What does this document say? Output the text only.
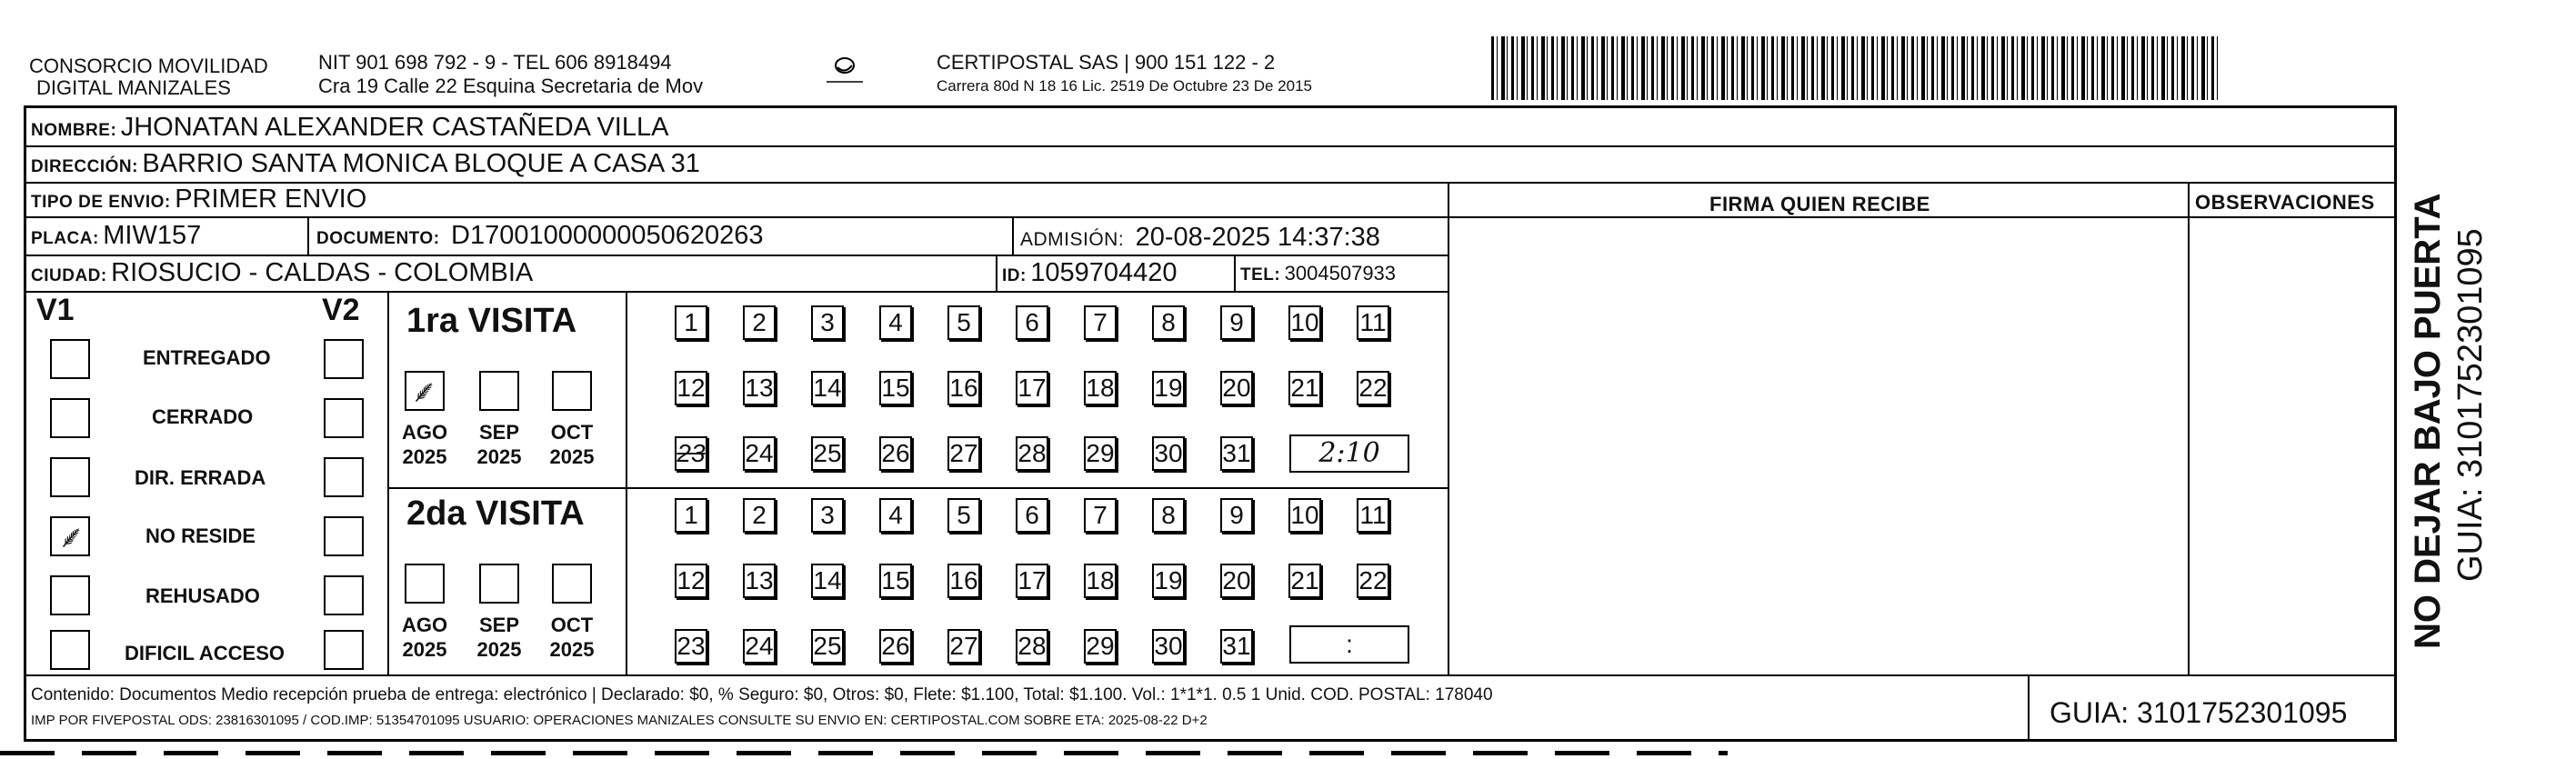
CONSORCIO MOVILIDAD
DIGITAL MANIZALES
NIT 901 698 792 - 9 - TEL 606 8918494
Cra 19 Calle 22 Esquina Secretaria de Mov
CERTIPOSTAL SAS | 900 151 122 - 2
Carrera 80d N 18 16 Lic. 2519 De Octubre 23 De 2015
NOMBRE: JHONATAN ALEXANDER CASTAÑEDA VILLA
DIRECCIÓN: BARRIO SANTA MONICA BLOQUE A CASA 31
TIPO DE ENVIO: PRIMER ENVIO	FIRMA QUIEN RECIBE	OBSERVACIONES
PLACA: MIW157	DOCUMENTO: D17001000000050620263	ADMISIÓN: 20-08-2025 14:37:38
CIUDAD: RIOSUCIO - CALDAS - COLOMBIA	ID: 1059704420	TEL: 3004507933
V1	V2
⸙
ENTREGADO
CERRADO
DIR. ERRADA
NO RESIDE
REHUSADO
DIFICIL ACCESO
1ra VISITA
⸙
AGO
2025
SEP
2025
OCT
2025
2da VISITA
AGO
2025
SEP
2025
OCT
2025
2:10
:
Contenido: Documentos Medio recepción prueba de entrega: electrónico | Declarado: $0, % Seguro: $0, Otros: $0, Flete: $1.100, Total: $1.100. Vol.: 1*1*1. 0.5 1 Unid. COD. POSTAL: 178040
IMP POR FIVEPOSTAL ODS: 23816301095 / COD.IMP: 51354701095 USUARIO: OPERACIONES MANIZALES CONSULTE SU ENVIO EN: CERTIPOSTAL.COM SOBRE ETA: 2025-08-22 D+2	GUIA: 3101752301095
NO DEJAR BAJO PUERTA GUIA: 3101752301095
1	2	3	4	5	6	7	8	9	10 11
12 13 14 15 16 17 18 19 20 21 22
23 24 25 26 27 28 29 30 31
1	2	3	4	5	6	7	8	9	10 11
12 13 14 15 16 17 18 19 20 21 22
23 24 25 26 27 28 29 30 31
